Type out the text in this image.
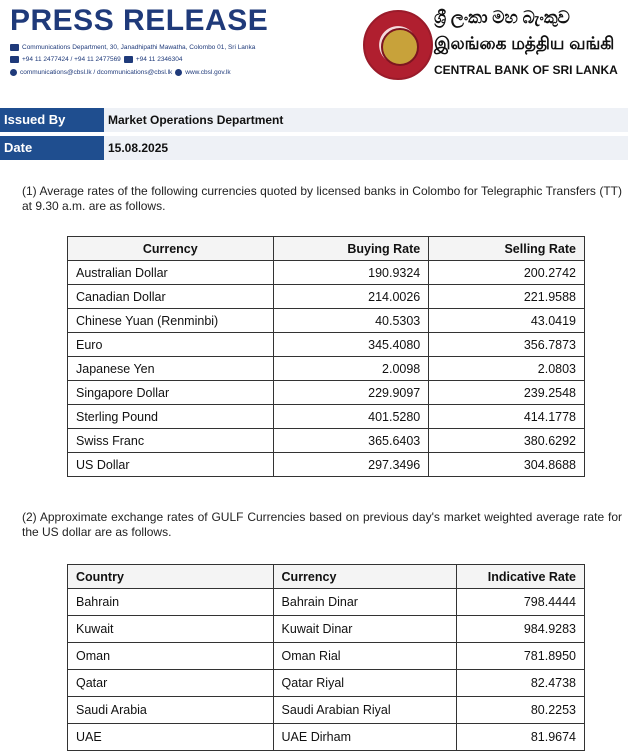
PRESS RELEASE
Communications Department, 30, Janadhipathi Mawatha, Colombo 01, Sri Lanka
+94 11 2477424 / +94 11 2477569 +94 11 2346304
communications@cbsl.lk / dcommunications@cbsl.lk www.cbsl.gov.lk
ශ්‍රී ලංකා මහ බැංකුව
இலங்கை மத்திய வங்கி
CENTRAL BANK OF SRI LANKA
Issued By	Market Operations Department
Date	15.08.2025
(1) Average rates of the following currencies quoted by licensed banks in Colombo for Telegraphic Transfers (TT) at 9.30 a.m. are as follows.
Currency	Buying Rate	Selling Rate
Australian Dollar	190.9324	200.2742
Canadian Dollar	214.0026	221.9588
Chinese Yuan (Renminbi)	40.5303	43.0419
Euro	345.4080	356.7873
Japanese Yen	2.0098	2.0803
Singapore Dollar	229.9097	239.2548
Sterling Pound	401.5280	414.1778
Swiss Franc	365.6403	380.6292
US Dollar	297.3496	304.8688
(2) Approximate exchange rates of GULF Currencies based on previous day's market weighted average rate for the US dollar are as follows.
Country	Currency	Indicative Rate
Bahrain	Bahrain Dinar	798.4444
Kuwait	Kuwait Dinar	984.9283
Oman	Oman Rial	781.8950
Qatar	Qatar Riyal	82.4738
Saudi Arabia	Saudi Arabian Riyal	80.2253
UAE	UAE Dirham	81.9674
